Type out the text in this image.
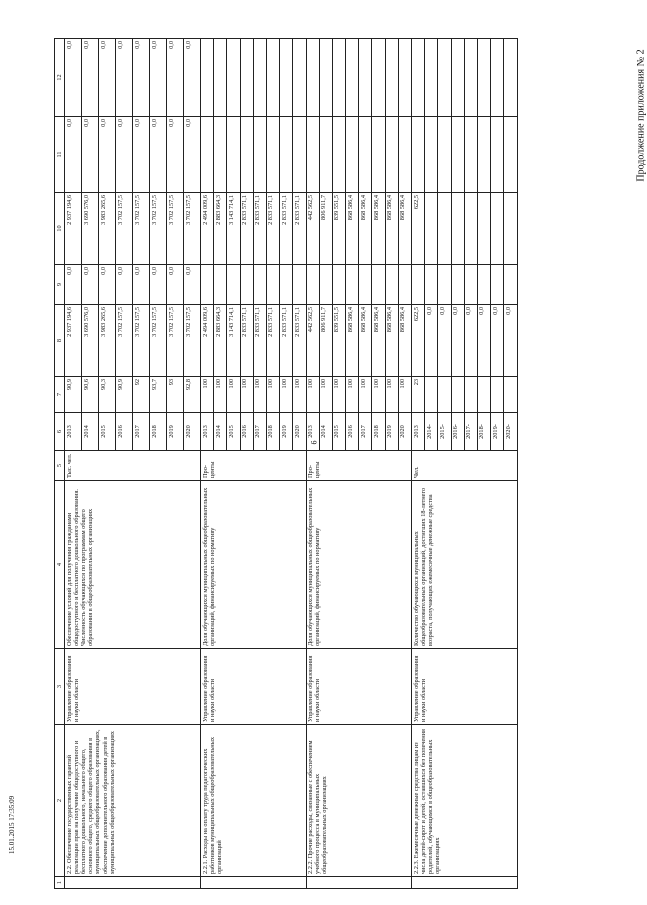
6
Продолжение приложения № 2
15.01.2015 17:35:09
1	2	3	4	5	6	7	8	9	10	11	12
	2.2. Обеспечение государственных гарантий реализации прав на получение общедоступного и бесплатного дошкольного, начального общего, основного общего, среднего общего образования в муниципальных общеобразовательных организациях, обеспечение дополнительного образования детей в муниципальных общеобразовательных организациях	Управление образования и науки области	Обеспечение условий для получения гражданами общедоступного и бесплатного дошкольного образования. Численность обучающихся по программам общего образования в общеобразовательных организациях	Тыс. чел.	2013	90,9	2 937 194,6	0,0	2 937 194,6	0,0	0,0
					2014	90,6	3 690 576,0	0,0	3 690 576,0	0,0	0,0
					2015	90,3	3 983 265,6	0,0	3 983 265,6	0,0	0,0
					2016	90,9	3 702 157,5	0,0	3 702 157,5	0,0	0,0
					2017	92	3 702 157,5	0,0	3 702 157,5	0,0	0,0
					2018	93,7	3 702 157,5	0,0	3 702 157,5	0,0	0,0
					2019	93	3 702 157,5	0,0	3 702 157,5	0,0	0,0
					2020	92,8	3 702 157,5	0,0	3 702 157,5	0,0	0,0
	2.2.1. Расходы на оплату труда педагогических работников муниципальных общеобразовательных организаций	Управление образования и науки области	Доля обучающихся муниципальных общеобразовательных организаций, финансируемых по нормативу	Про-центы	2013	100	2 494 009,6		2 494 009,6		
					2014	100	2 883 664,3		2 883 664,3		
					2015	100	3 143 714,1		3 143 714,1		
					2016	100	2 833 571,1		2 833 571,1		
					2017	100	2 833 571,1		2 833 571,1		
					2018	100	2 833 571,1		2 833 571,1		
					2019	100	2 833 571,1		2 833 571,1		
					2020	100	2 833 571,1		2 833 571,1		
	2.2.2. Прочие расходы, связанные с обеспечением учебного процесса в муниципальных общеобразовательных организациях	Управление образования и науки области	Доля обучающихся муниципальных общеобразовательных организаций, финансируемых по нормативу	Про-центы	2013	100	442 562,5		442 562,5		
					2014	100	806 911,7		806 911,7		
					2015	100	839 551,5		839 551,5		
					2016	100	868 586,4		868 586,4		
					2017	100	868 586,4		868 586,4		
					2018	100	868 586,4		868 586,4		
					2019	100	868 586,4		868 586,4		
					2020	100	868 586,4		868 586,4		
	2.2.3. Ежемесячные денежные средства лицам из числа детей-сирот и детей, оставшихся без попечения родителей, обучающимся в общеобразовательных организациях	Управление образования и науки области	Количество обучающихся муниципальных общеобразовательных организаций, достигших 18-летнего возраста, получающих ежемесячные денежные средства	Чел.	2013	23	622,5		622,5		
					2014-		0,0				
					2015-		0,0				
					2016-		0,0				
					2017-		0,0				
					2018-		0,0				
					2019-		0,0				
					2020-		0,0				
